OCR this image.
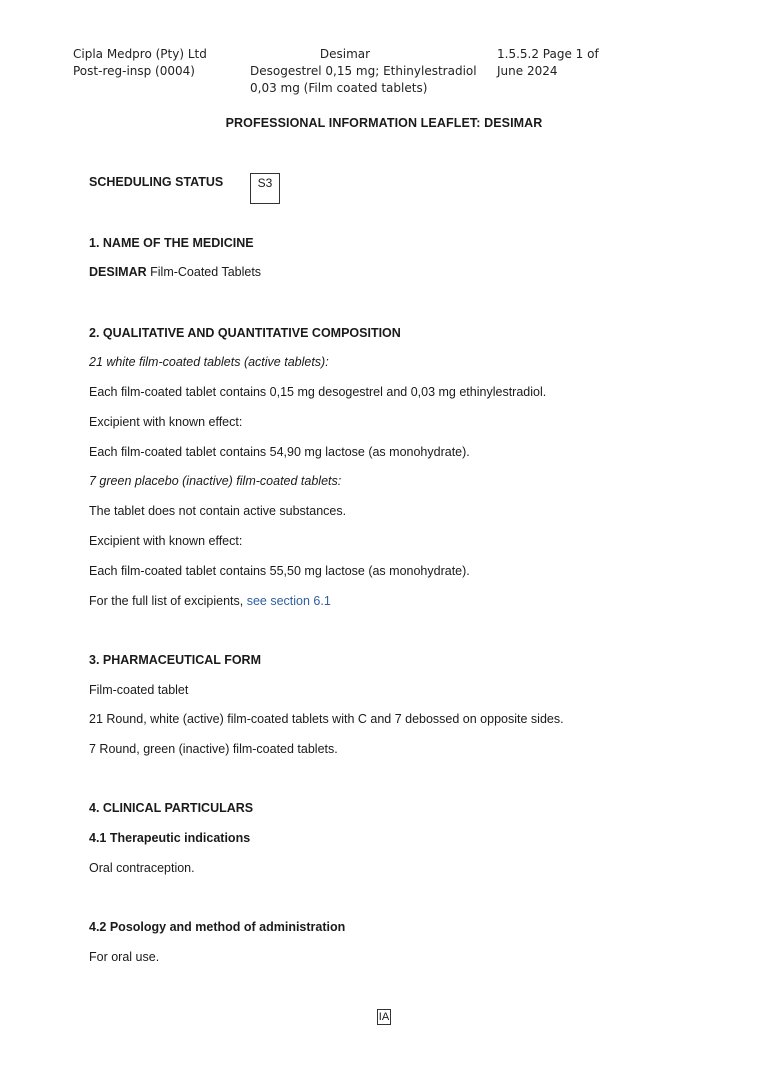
Cipla Medpro (Pty) Ltd
Post-reg-insp (0004)
Desimar
Desogestrel 0,15 mg; Ethinylestradiol
0,03 mg (Film coated tablets)
1.5.5.2 Page 1 of
June 2024
PROFESSIONAL INFORMATION LEAFLET: DESIMAR
SCHEDULING STATUS	S3
1. NAME OF THE MEDICINE
DESIMAR Film-Coated Tablets
2. QUALITATIVE AND QUANTITATIVE COMPOSITION
21 white film-coated tablets (active tablets):
Each film-coated tablet contains 0,15 mg desogestrel and 0,03 mg ethinylestradiol.
Excipient with known effect:
Each film-coated tablet contains 54,90 mg lactose (as monohydrate).
7 green placebo (inactive) film-coated tablets:
The tablet does not contain active substances.
Excipient with known effect:
Each film-coated tablet contains 55,50 mg lactose (as monohydrate).
For the full list of excipients, see section 6.1
3. PHARMACEUTICAL FORM
Film-coated tablet
21 Round, white (active) film-coated tablets with C and 7 debossed on opposite sides.
7 Round, green (inactive) film-coated tablets.
4. CLINICAL PARTICULARS
4.1 Therapeutic indications
Oral contraception.
4.2 Posology and method of administration
For oral use.
IA
